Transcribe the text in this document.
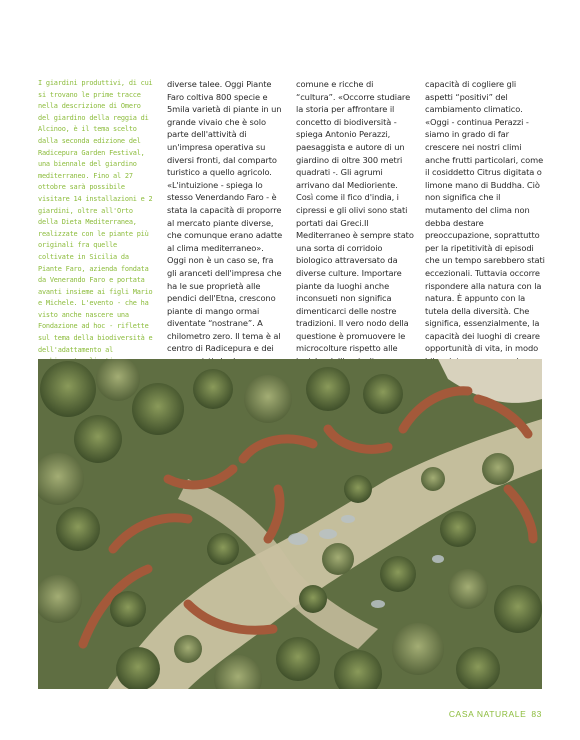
I giardini produttivi, di cui si trovano le prime tracce nella descrizione di Omero del giardino della reggia di Alcinoo, è il tema scelto dalla seconda edizione del Radicepura Garden Festival, una biennale del giardino mediterraneo. Fino al 27 ottobre sarà possibile visitare 14 installazioni e 2 giardini, oltre all'Orto della Dieta Mediterranea, realizzate con le piante più originali fra quelle coltivate in Sicilia da Piante Faro, azienda fondata da Venerando Faro e portata avanti insieme ai figli Mario e Michele. L'evento - che ha visto anche nascere una Fondazione ad hoc - riflette sul tema della biodiversità e dell'adattamento al

diverse talee. Oggi Piante Faro coltiva 800 specie e 5mila varietà di piante in un grande vivaio che è solo parte dell'attività di un'impresa operativa su diversi fronti, dal comparto turistico a quello agricolo. «L'intuizione - spiega lo stesso Venerdando Faro - è stata la capacità di proporre al mercato piante diverse, che comunque erano adatte al clima mediterraneo».

Oggi non è un caso se, fra gli aranceti dell'impresa che ha le sue proprietà alle pendici dell'Etna, crescono piante di mango ormai diventate “nostrane”. A chilometro zero. Il tema è al centro di Radicepura e dei

comune e ricche di “cultura”. «Occorre studiare la storia per affrontare il concetto di biodiversità - spiega Antonio Perazzi, paesaggista e autore di un giardino di oltre 300 metri quadrati -. Gli agrumi arrivano dal Medioriente. Così come il fico d'india, i cipressi e gli olivi sono stati portati dai Greci.Il Mediterraneo è sempre stato una sorta di corridoio biologico attraversato da diverse culture. Importare piante da luoghi anche inconsueti non significa dimenticarci delle nostre tradizioni. Il vero nodo della questione è promuovere le microcolture rispetto alle

capacità di cogliere gli aspetti “positivi” del cambiamento climatico. «Oggi - continua Perazzi - siamo in grado di far crescere nei nostri climi anche frutti particolari, come il cosiddetto Citrus digitata o limone mano di Buddha. Ciò non significa che il mutamento del clima non debba destare preoccupazione, soprattutto per la ripetitività di episodi che un tempo sarebbero stati eccezionali. Tuttavia occorre rispondere alla natura con la natura. È appunto con la tutela della diversità. Che significa, essenzialmente, la capacità dei luoghi di creare opportunità di vita, in modo

CASA NATURALE 83
